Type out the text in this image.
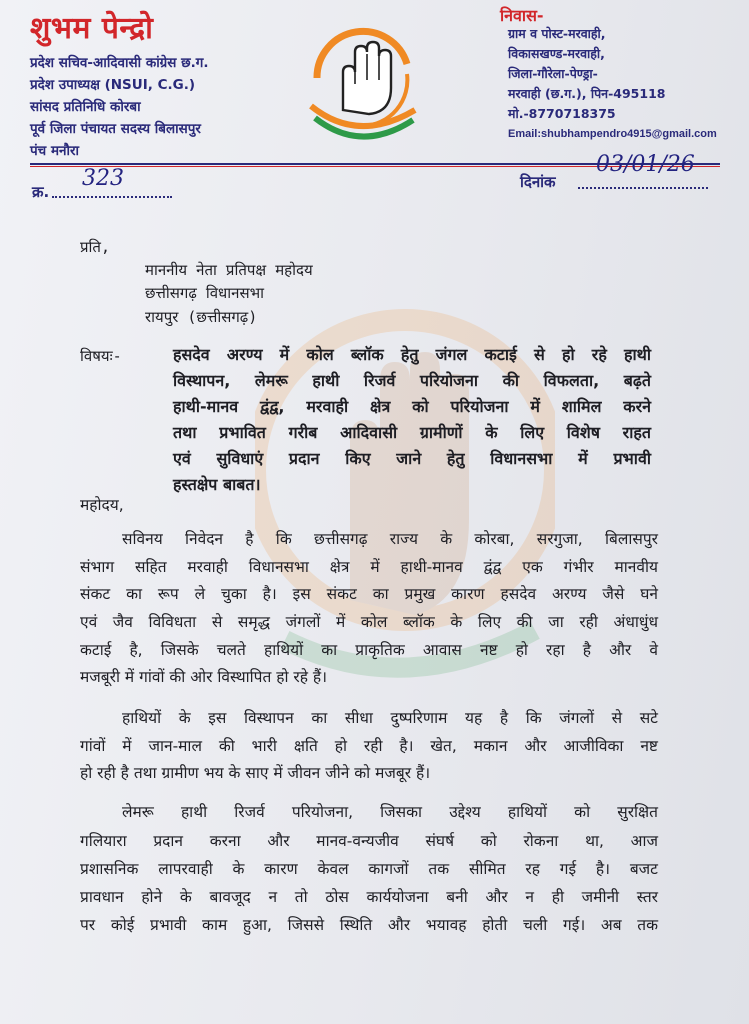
शुभम पेन्द्रो
प्रदेश सचिव-आदिवासी कांग्रेस छ.ग.
प्रदेश उपाध्यक्ष (NSUI, C.G.)
सांसद प्रतिनिधि कोरबा
पूर्व जिला पंचायत सदस्य बिलासपुर
पंच मनौरा
निवास-
ग्राम व पोस्ट-मरवाही,
विकासखण्ड-मरवाही,
जिला-गौरेला-पेण्ड्रा-
मरवाही (छ.ग.), पिन-495118
मो.-8770718375
Email:shubhampendro4915@gmail.com
क्र.
323	दिनांक
03/01/26
प्रति,
माननीय नेता प्रतिपक्ष महोदय
छत्तीसगढ़ विधानसभा
रायपुर (छत्तीसगढ़)
विषयः-	हसदेव अरण्य में कोल ब्लॉक हेतु जंगल कटाई से हो रहे हाथी
विस्थापन, लेमरू हाथी रिजर्व परियोजना की विफलता, बढ़ते
हाथी-मानव द्वंद्व, मरवाही क्षेत्र को परियोजना में शामिल करने
तथा प्रभावित गरीब आदिवासी ग्रामीणों के लिए विशेष राहत
एवं सुविधाएं प्रदान किए जाने हेतु विधानसभा में प्रभावी
हस्तक्षेप बाबत।
महोदय,
सविनय निवेदन है कि छत्तीसगढ़ राज्य के कोरबा, सरगुजा, बिलासपुर
संभाग सहित मरवाही विधानसभा क्षेत्र में हाथी-मानव द्वंद्व एक गंभीर मानवीय
संकट का रूप ले चुका है। इस संकट का प्रमुख कारण हसदेव अरण्य जैसे घने
एवं जैव विविधता से समृद्ध जंगलों में कोल ब्लॉक के लिए की जा रही अंधाधुंध
कटाई है, जिसके चलते हाथियों का प्राकृतिक आवास नष्ट हो रहा है और वे
मजबूरी में गांवों की ओर विस्थापित हो रहे हैं।
हाथियों के इस विस्थापन का सीधा दुष्परिणाम यह है कि जंगलों से सटे
गांवों में जान-माल की भारी क्षति हो रही है। खेत, मकान और आजीविका नष्ट
हो रही है तथा ग्रामीण भय के साए में जीवन जीने को मजबूर हैं।
लेमरू हाथी रिजर्व परियोजना, जिसका उद्देश्य हाथियों को सुरक्षित
गलियारा प्रदान करना और मानव-वन्यजीव संघर्ष को रोकना था, आज
प्रशासनिक लापरवाही के कारण केवल कागजों तक सीमित रह गई है। बजट
प्रावधान होने के बावजूद न तो ठोस कार्ययोजना बनी और न ही जमीनी स्तर
पर कोई प्रभावी काम हुआ, जिससे स्थिति और भयावह होती चली गई। अब तक
